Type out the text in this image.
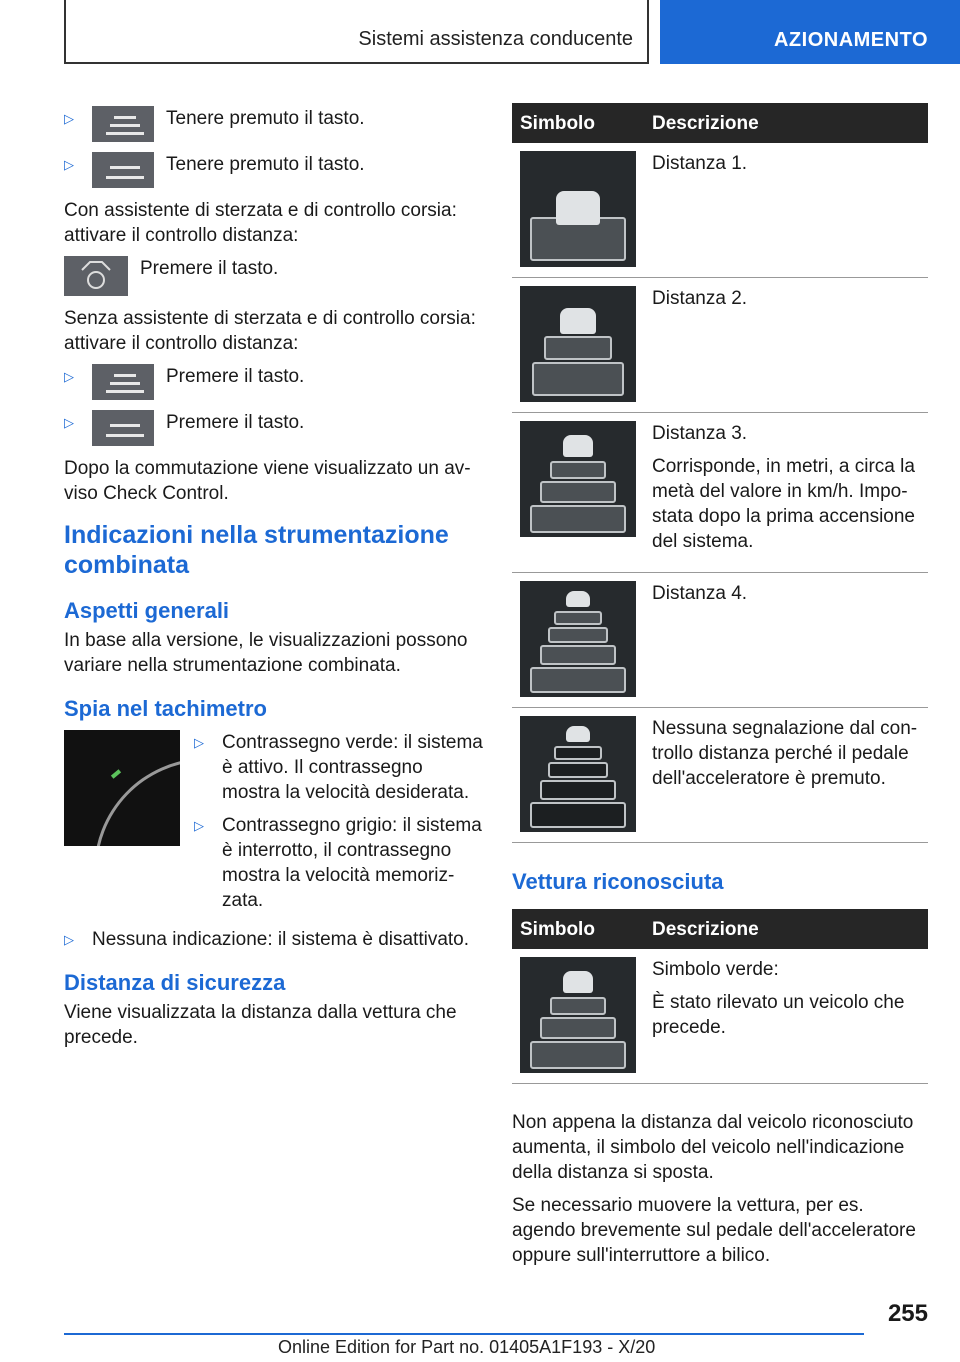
Sistemi assistenza conducente	AZIONAMENTO
▷	Tenere premuto il tasto.
▷	Tenere premuto il tasto.

Con assistente di sterzata e di controllo corsia: attivare il controllo distanza:

Premere il tasto.

Senza assistente di sterzata e di controllo corsia: attivare il controllo distanza:

▷	Premere il tasto.
▷	Premere il tasto.

Dopo la commutazione viene visualizzato un avviso Check Control.

Indicazioni nella strumentazione combinata
Aspetti generali

In base alla versione, le visualizzazioni possono variare nella strumentazione combinata.

Spia nel tachimetro
▷ Contrassegno verde: il sistema è attivo. Il contrassegno mostra la velocità desiderata.
▷ Contrassegno grigio: il sistema è interrotto, il contrassegno mostra la velocità memorizzata.
▷ Nessuna indicazione: il sistema è disattivato.
Distanza di sicurezza

Viene visualizzata la distanza dalla vettura che precede.

Simbolo	Descrizione

	Distanza 1.

	Distanza 2.

	Distanza 3.

Corrisponde, in metri, a circa la metà del valore in km/h. Impostata dopo la prima accensione del sistema.

	Distanza 4.

	Nessuna segnalazione dal controllo distanza perché il pedale dell'acceleratore è premuto.

Vettura riconosciuta
Simbolo	Descrizione

	Simbolo verde:

È stato rilevato un veicolo che precede.

Non appena la distanza dal veicolo riconosciuto aumenta, il simbolo del veicolo nell'indicazione della distanza si sposta.

Se necessario muovere la vettura, per es. agendo brevemente sul pedale dell'acceleratore oppure sull'interruttore a bilico.

255
Online Edition for Part no. 01405A1F193 - X/20
